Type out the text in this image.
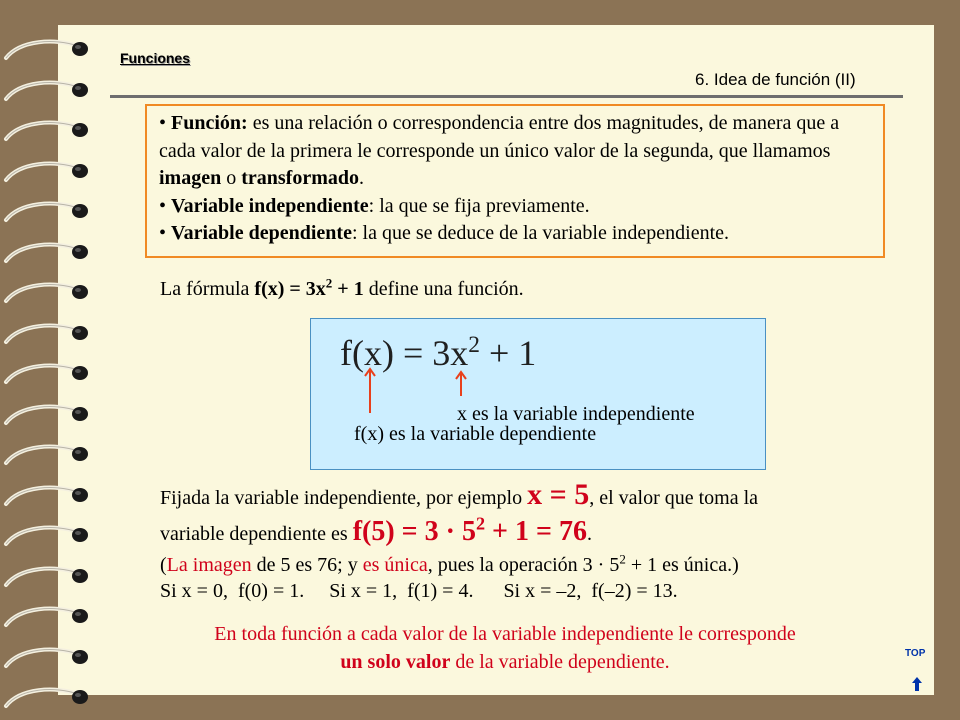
Funciones
6. Idea de función (II)

• Función: es una relación o correspondencia entre dos magnitudes, de manera que a cada valor de la primera le corresponde un único valor de la segunda, que llamamos imagen o transformado.

• Variable independiente: la que se fija previamente.

• Variable dependiente: la que se deduce de la variable independiente.

La fórmula $f(x) = 3x^2 + 1$ define una función.
$f(x) = 3x^2 + 1$
x es la variable independiente
f(x) es la variable dependiente
Fijada la variable independiente, por ejemplo x = 5, el valor que toma la
variable dependiente es $f(5) = 3 \cdot 5^2 + 1 = 76$.
(La imagen de 5 es 76; y es única, pues la operación $3 \cdot 5^2 + 1$ es única.)
Si x = 0,  f(0) = 1.     Si x = 1,  f(1) = 4.      Si x = –2,  f(–2) = 13.
En toda función a cada valor de la variable independiente le corresponde
un solo valor de la variable dependiente.	TOP
